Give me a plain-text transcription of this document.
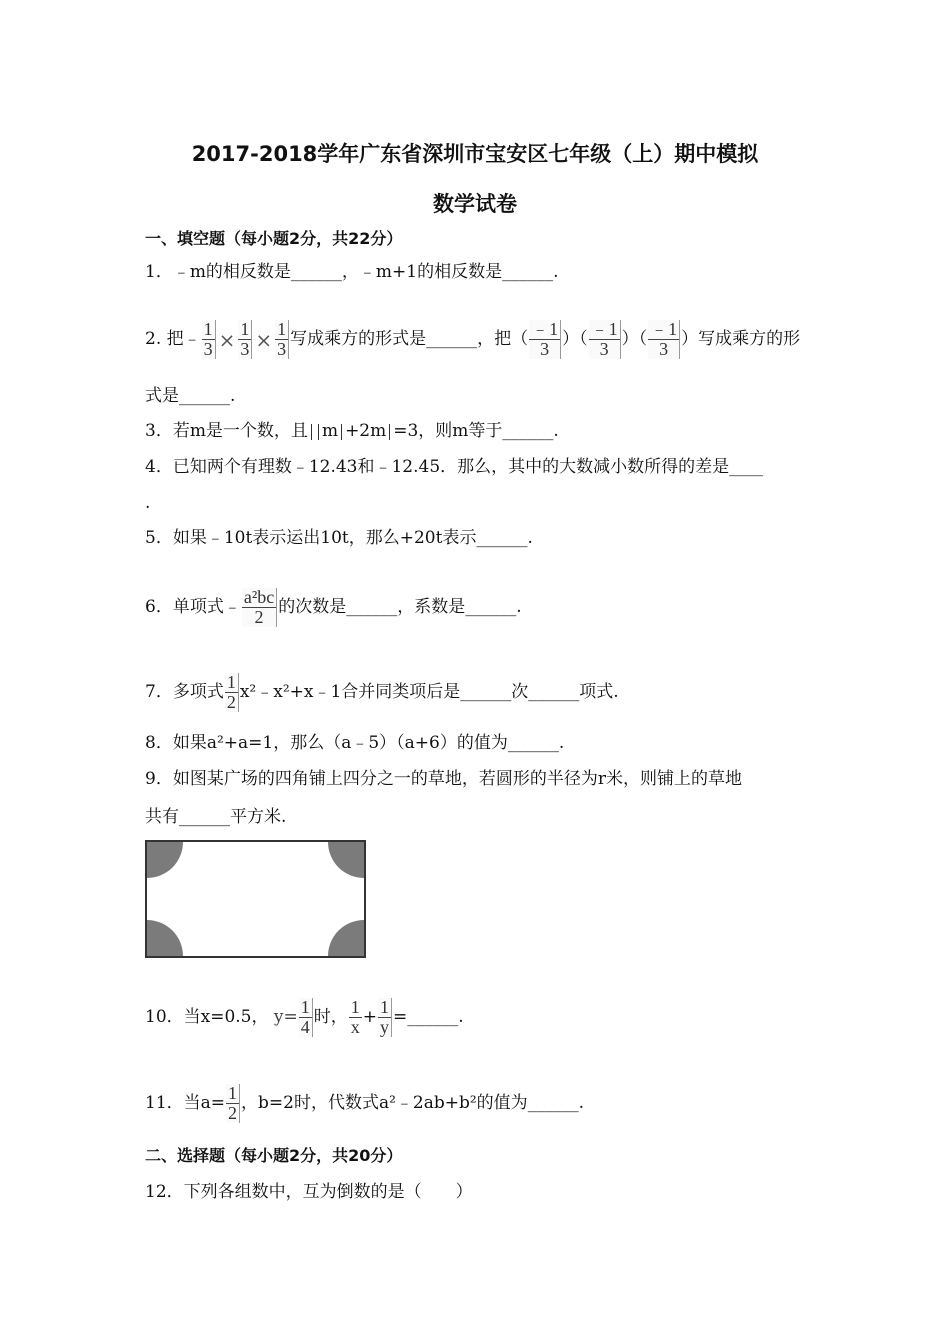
2017-2018学年广东省深圳市宝安区七年级（上）期中模拟
数学试卷
一、填空题（每小题2分，共22分）
1．﹣m的相反数是______，﹣m+1的相反数是______.
2. 把﹣ $\frac{1}{3} \times \frac{1}{3} \times \frac{1}{3}$ 写成乘方的形式是______，把（ $\frac{﹣1}{3}$ ）（ $\frac{﹣1}{3}$ ）（ $\frac{﹣1}{3}$ ）写成乘方的形
式是______.
3．若m是一个数，且 m +2m =3，则m等于______.
4．已知两个有理数﹣12.43和﹣12.45．那么，其中的大数减小数所得的差是____
.
5．如果﹣10t表示运出10t，那么+20t表示______.
6．单项式﹣ $\frac{\text{a²bc}}{2}$ 的次数是______，系数是______.
7．多项式 $\frac{1}{2}$ x²﹣x²+x﹣1合并同类项后是______次______项式.
8．如果a²+a=1，那么（a﹣5）（a+6）的值为______.
9．如图某广场的四角铺上四分之一的草地，若圆形的半径为r米，则铺上的草地
共有______平方米.
10．当x=0.5， $y= \frac{1}{4}$ 时， $\frac{1}{x} + \frac{1}{y}$ =______.
11．当$a= \frac{1}{2}$ ，b=2时，代数式a²﹣2ab+b²的值为______.
二、选择题（每小题2分，共20分）
12．下列各组数中，互为倒数的是（　　）
